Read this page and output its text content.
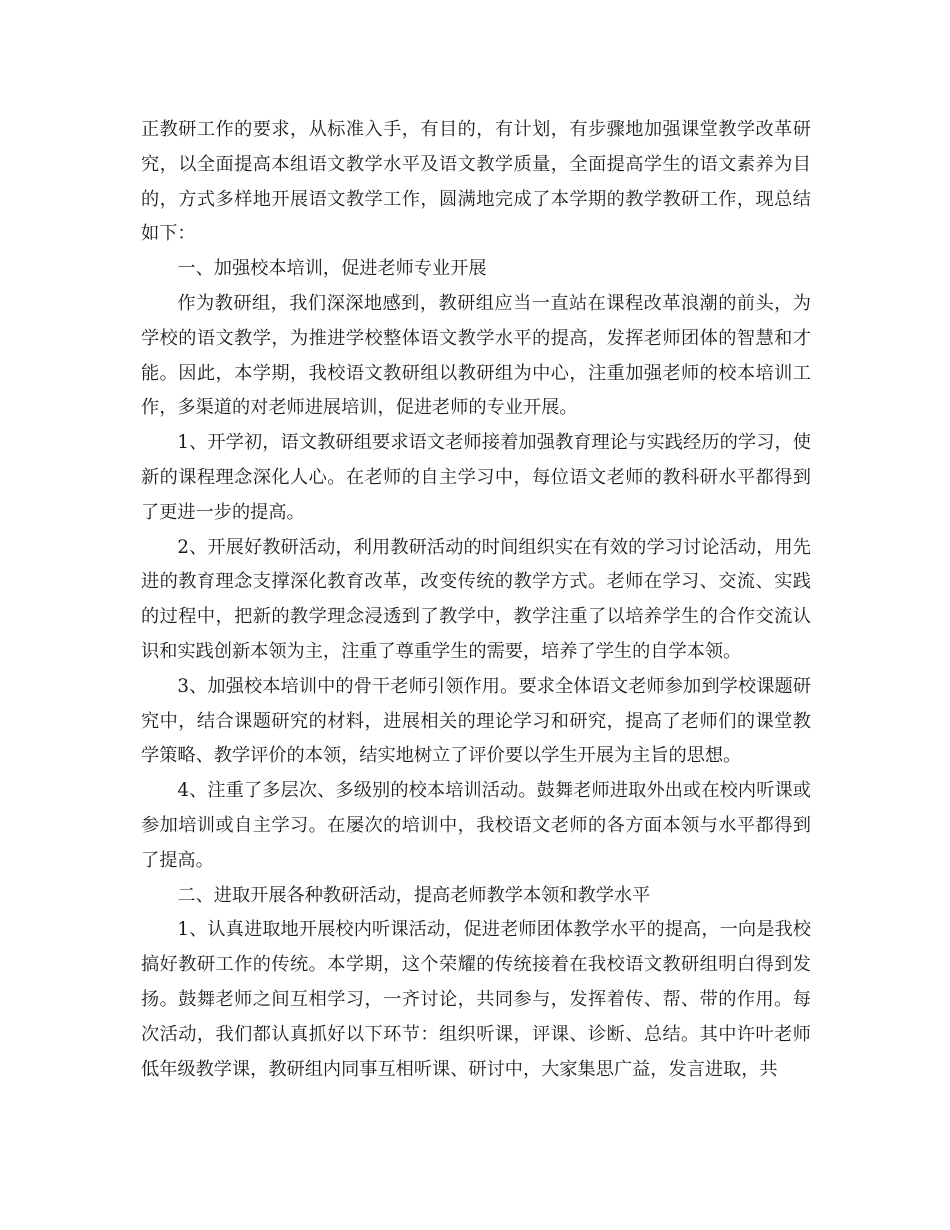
正教研工作的要求，从标准入手，有目的，有计划，有步骤地加强课堂教学改革研究，以全面提高本组语文教学水平及语文教学质量，全面提高学生的语文素养为目的，方式多样地开展语文教学工作，圆满地完成了本学期的教学教研工作，现总结如下：

一、加强校本培训，促进老师专业开展

作为教研组，我们深深地感到，教研组应当一直站在课程改革浪潮的前头，为学校的语文教学，为推进学校整体语文教学水平的提高，发挥老师团体的智慧和才能。因此，本学期，我校语文教研组以教研组为中心，注重加强老师的校本培训工作，多渠道的对老师进展培训，促进老师的专业开展。

1、开学初，语文教研组要求语文老师接着加强教育理论与实践经历的学习，使新的课程理念深化人心。在老师的自主学习中，每位语文老师的教科研水平都得到了更进一步的提高。

2、开展好教研活动，利用教研活动的时间组织实在有效的学习讨论活动，用先进的教育理念支撑深化教育改革，改变传统的教学方式。老师在学习、交流、实践的过程中，把新的教学理念浸透到了教学中，教学注重了以培养学生的合作交流认识和实践创新本领为主，注重了尊重学生的需要，培养了学生的自学本领。

3、加强校本培训中的骨干老师引领作用。要求全体语文老师参加到学校课题研究中，结合课题研究的材料，进展相关的理论学习和研究，提高了老师们的课堂教学策略、教学评价的本领，结实地树立了评价要以学生开展为主旨的思想。

4、注重了多层次、多级别的校本培训活动。鼓舞老师进取外出或在校内听课或参加培训或自主学习。在屡次的培训中，我校语文老师的各方面本领与水平都得到了提高。

二、进取开展各种教研活动，提高老师教学本领和教学水平

1、认真进取地开展校内听课活动，促进老师团体教学水平的提高，一向是我校搞好教研工作的传统。本学期，这个荣耀的传统接着在我校语文教研组明白得到发扬。鼓舞老师之间互相学习，一齐讨论，共同参与，发挥着传、帮、带的作用。每次活动，我们都认真抓好以下环节：组织听课，评课、诊断、总结。其中许叶老师低年级教学课，教研组内同事互相听课、研讨中，大家集思广益，发言进取，共
